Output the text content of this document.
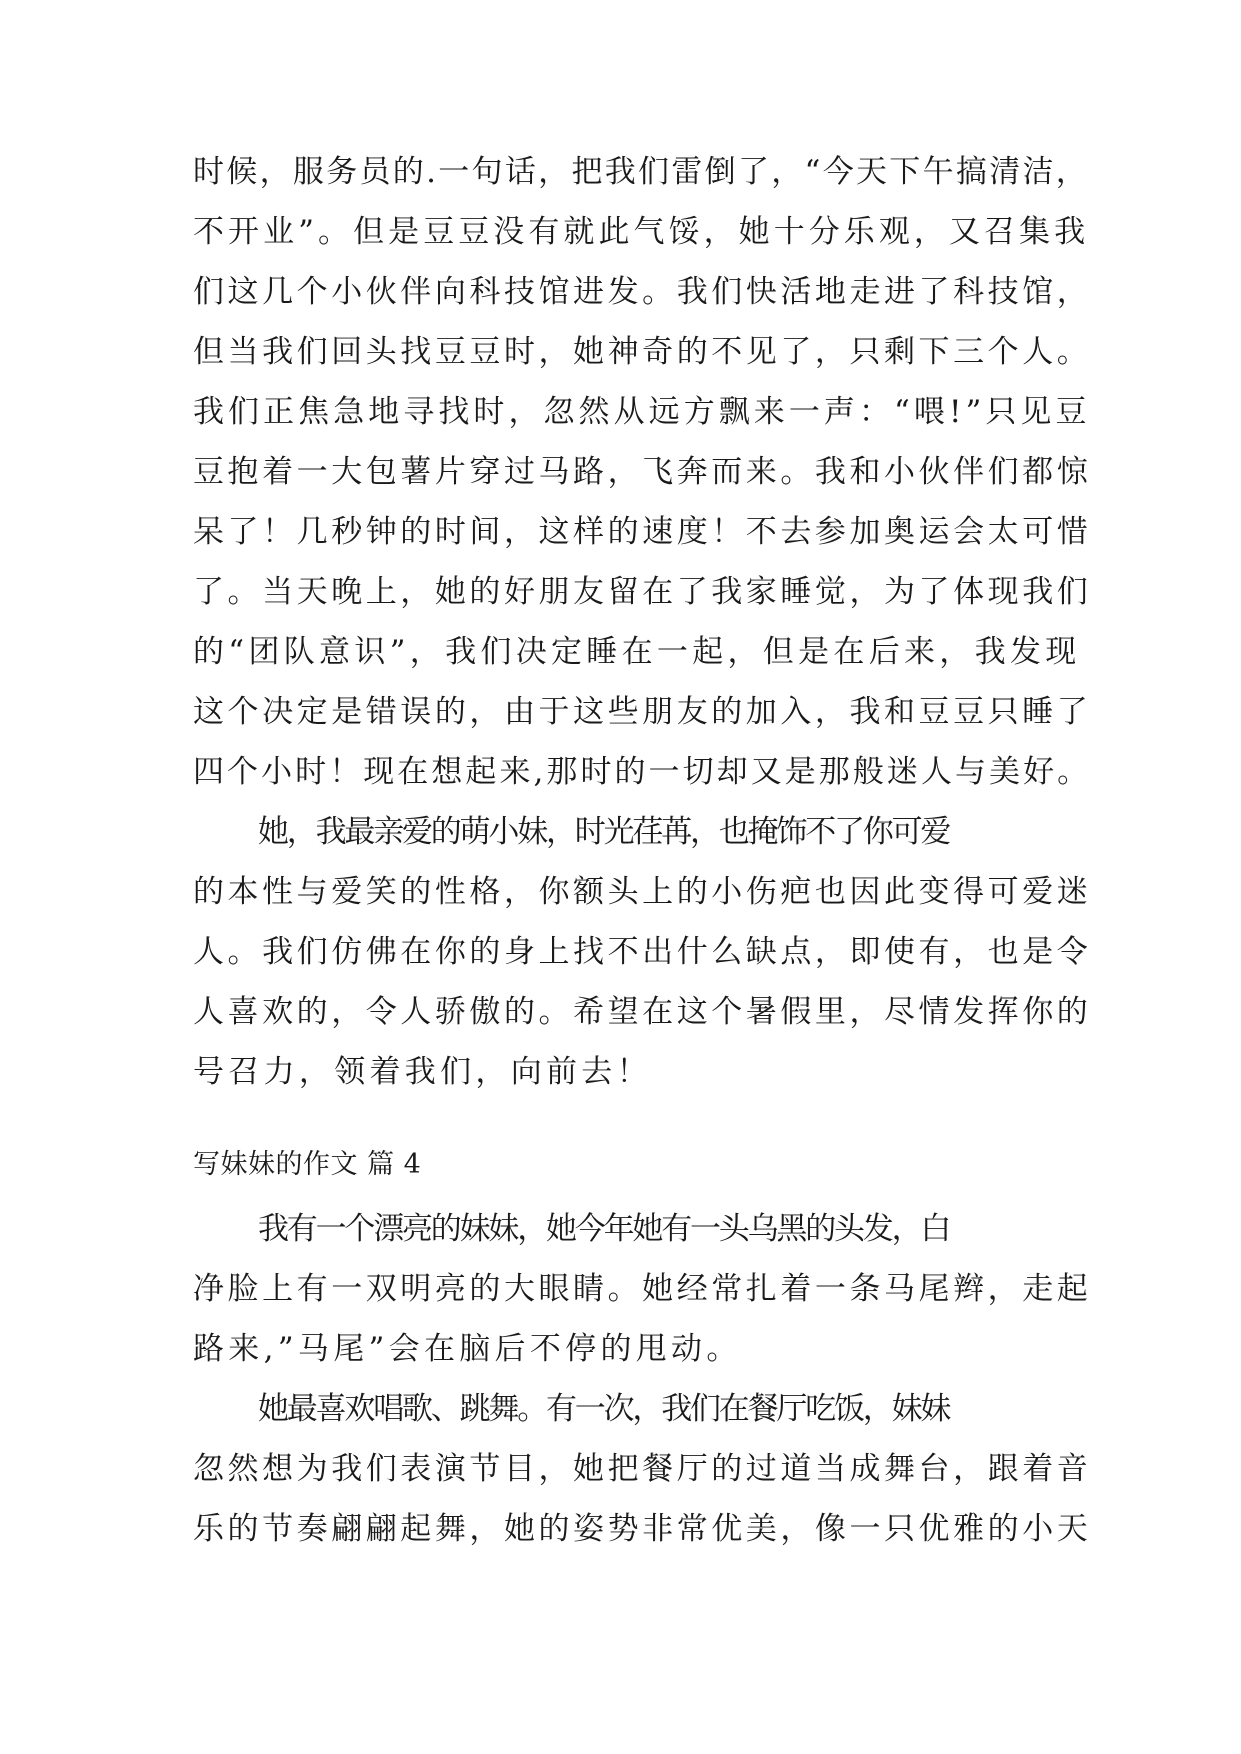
时候，服务员的.一句话，把我们雷倒了，“今天下午搞清洁，
不开业”。但是豆豆没有就此气馁，她十分乐观，又召集我
们这几个小伙伴向科技馆进发。我们快活地走进了科技馆，
但当我们回头找豆豆时，她神奇的不见了，只剩下三个人。
我们正焦急地寻找时，忽然从远方飘来一声：“喂!”只见豆
豆抱着一大包薯片穿过马路，飞奔而来。我和小伙伴们都惊
呆了！几秒钟的时间，这样的速度！不去参加奥运会太可惜
了。当天晚上，她的好朋友留在了我家睡觉，为了体现我们
的“团队意识”，我们决定睡在一起，但是在后来，我发现
这个决定是错误的，由于这些朋友的加入，我和豆豆只睡了
四个小时！现在想起来,那时的一切却又是那般迷人与美好。
她，我最亲爱的萌小妹，时光荏苒，也掩饰不了你可爱
的本性与爱笑的性格，你额头上的小伤疤也因此变得可爱迷
人。我们仿佛在你的身上找不出什么缺点，即使有，也是令
人喜欢的，令人骄傲的。希望在这个暑假里，尽情发挥你的
号召力，领着我们，向前去！
写妹妹的作文 篇 4
我有一个漂亮的妹妹，她今年她有一头乌黑的头发，白
净脸上有一双明亮的大眼睛。她经常扎着一条马尾辫，走起
路来,”马尾”会在脑后不停的甩动。
她最喜欢唱歌、跳舞。有一次，我们在餐厅吃饭，妹妹
忽然想为我们表演节目，她把餐厅的过道当成舞台，跟着音
乐的节奏翩翩起舞，她的姿势非常优美，像一只优雅的小天
